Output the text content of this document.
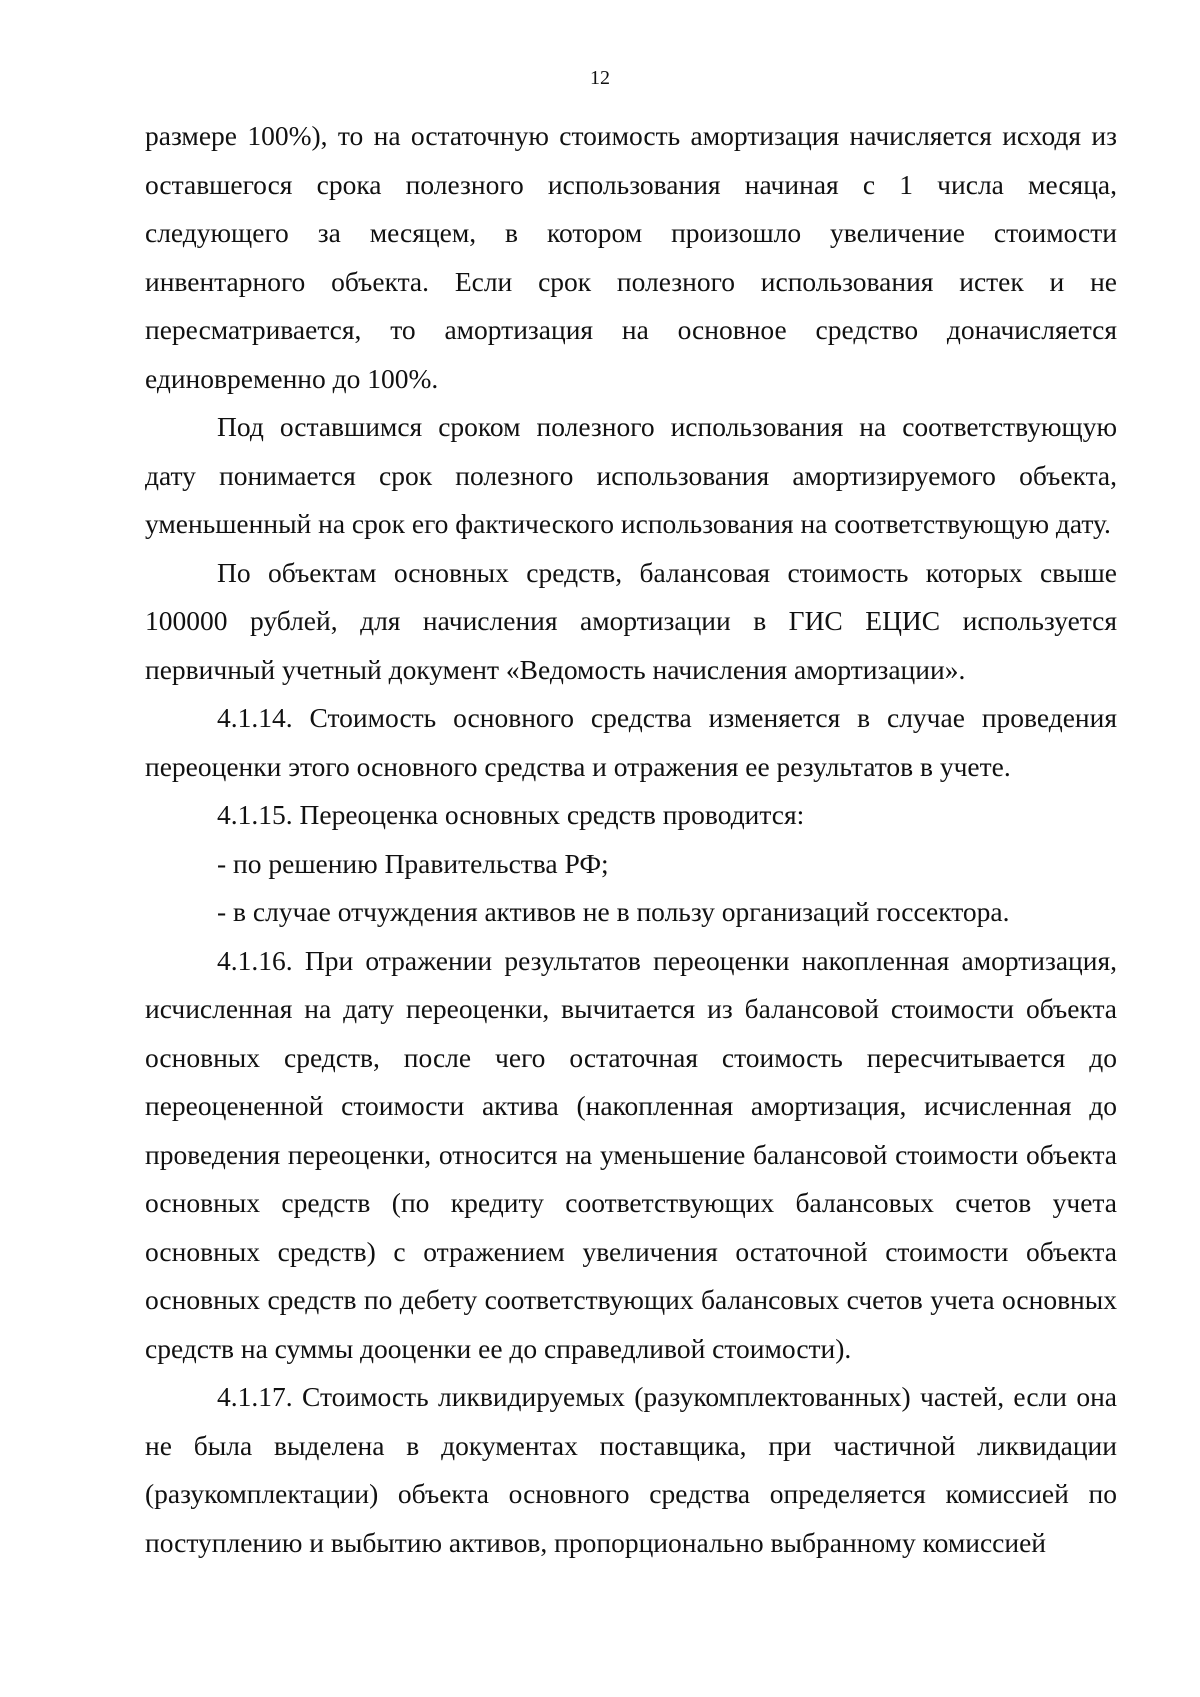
12

размере 100%), то на остаточную стоимость амортизация начисляется исходя из оставшегося срока полезного использования начиная с 1 числа месяца, следующего за месяцем, в котором произошло увеличение стоимости инвентарного объекта. Если срок полезного использования истек и не пересматривается, то амортизация на основное средство доначисляется единовременно до 100%.

Под оставшимся сроком полезного использования на соответствующую дату понимается срок полезного использования амортизируемого объекта, уменьшенный на срок его фактического использования на соответствующую дату.

По объектам основных средств, балансовая стоимость которых свыше 100000 рублей, для начисления амортизации в ГИС ЕЦИС используется первичный учетный документ «Ведомость начисления амортизации».

4.1.14. Стоимость основного средства изменяется в случае проведения переоценки этого основного средства и отражения ее результатов в учете.

4.1.15. Переоценка основных средств проводится:

- по решению Правительства РФ;

- в случае отчуждения активов не в пользу организаций госсектора.

4.1.16. При отражении результатов переоценки накопленная амортизация, исчисленная на дату переоценки, вычитается из балансовой стоимости объекта основных средств, после чего остаточная стоимость пересчитывается до переоцененной стоимости актива (накопленная амортизация, исчисленная до проведения переоценки, относится на уменьшение балансовой стоимости объекта основных средств (по кредиту соответствующих балансовых счетов учета основных средств) с отражением увеличения остаточной стоимости объекта основных средств по дебету соответствующих балансовых счетов учета основных средств на суммы дооценки ее до справедливой стоимости).

4.1.17. Стоимость ликвидируемых (разукомплектованных) частей, если она не была выделена в документах поставщика, при частичной ликвидации (разукомплектации) объекта основного средства определяется комиссией по поступлению и выбытию активов, пропорционально выбранному комиссией
